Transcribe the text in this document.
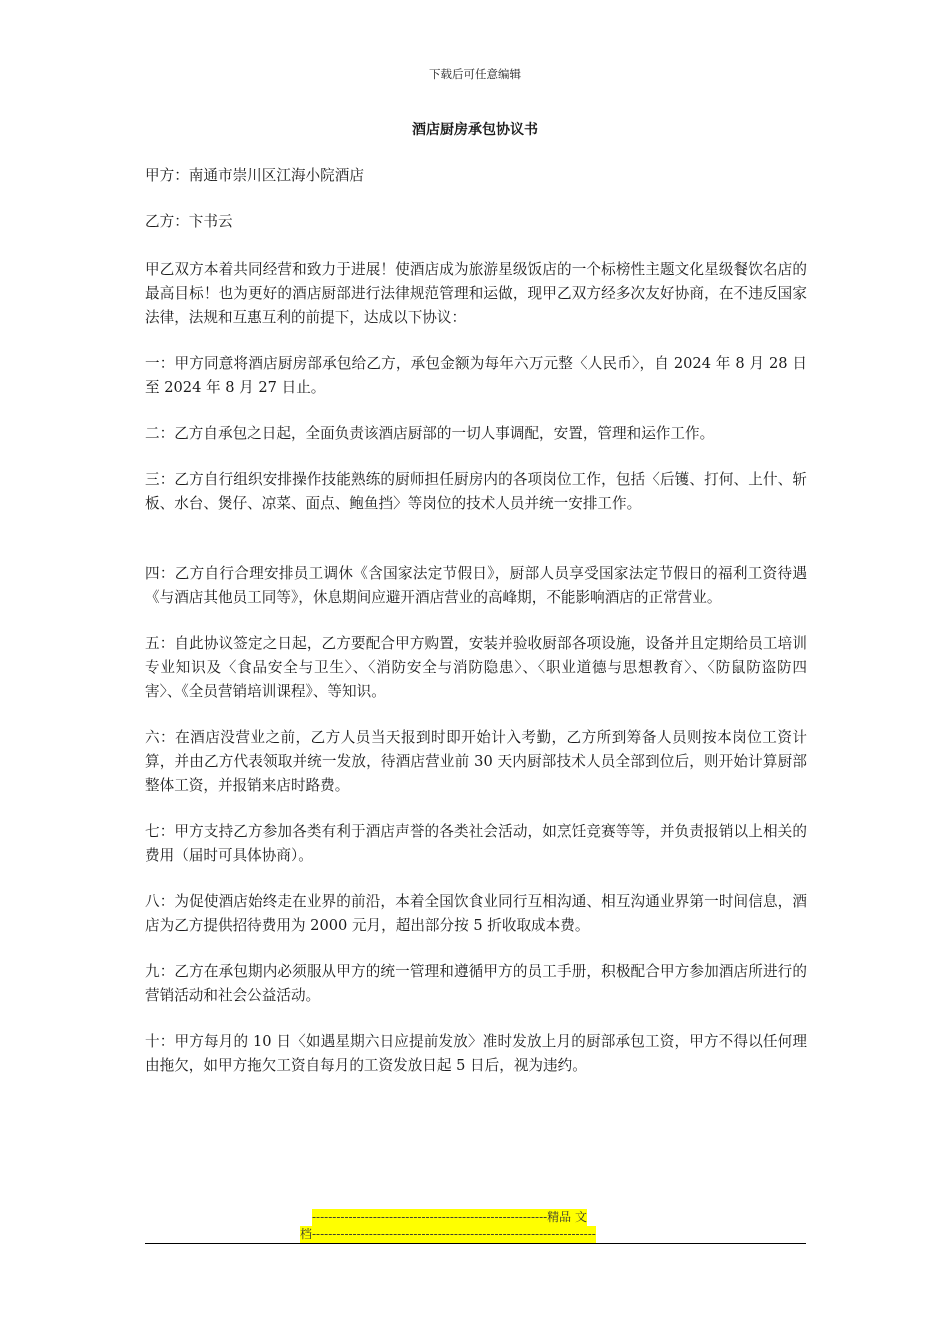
下载后可任意编辑
酒店厨房承包协议书
甲方：南通市崇川区江海小院酒店
乙方：卞书云

甲乙双方本着共同经营和致力于进展！使酒店成为旅游星级饭店的一个标榜性主题文化星级餐饮名店的最高目标！也为更好的酒店厨部进行法律规范管理和运做，现甲乙双方经多次友好协商，在不违反国家法律，法规和互惠互利的前提下，达成以下协议：

一：甲方同意将酒店厨房部承包给乙方，承包金额为每年六万元整〈人民币〉，自 2024 年 8 月 28 日至 2024 年 8 月 27 日止。

二：乙方自承包之日起，全面负责该酒店厨部的一切人事调配，安置，管理和运作工作。

三：乙方自行组织安排操作技能熟练的厨师担任厨房内的各项岗位工作，包括〈后镬、打何、上什、斩板、水台、煲仔、凉菜、面点、鲍鱼挡〉等岗位的技术人员并统一安排工作。

四：乙方自行合理安排员工调休《含国家法定节假日》，厨部人员享受国家法定节假日的福利工资待遇《与酒店其他员工同等》，休息期间应避开酒店营业的高峰期，不能影响酒店的正常营业。

五：自此协议签定之日起，乙方要配合甲方购置，安装并验收厨部各项设施，设备并且定期给员工培训专业知识及〈食品安全与卫生〉、〈消防安全与消防隐患〉、〈职业道德与思想教育〉、〈防鼠防盗防四害〉、《全员营销培训课程》、等知识。

六：在酒店没营业之前，乙方人员当天报到时即开始计入考勤，乙方所到筹备人员则按本岗位工资计算，并由乙方代表领取并统一发放，待酒店营业前 30 天内厨部技术人员全部到位后，则开始计算厨部整体工资，并报销来店时路费。

七：甲方支持乙方参加各类有利于酒店声誉的各类社会活动，如烹饪竞赛等等，并负责报销以上相关的费用（届时可具体协商）。

八：为促使酒店始终走在业界的前沿，本着全国饮食业同行互相沟通、相互沟通业界第一时间信息，酒店为乙方提供招待费用为 2000 元月，超出部分按 5 折收取成本费。

九：乙方在承包期内必须服从甲方的统一管理和遵循甲方的员工手册，积极配合甲方参加酒店所进行的营销活动和社会公益活动。

十：甲方每月的 10 日〈如遇星期六日应提前发放〉准时发放上月的厨部承包工资，甲方不得以任何理由拖欠，如甲方拖欠工资自每月的工资发放日起 5 日后，视为违约。

----------------------------------------------------------精品 文
档----------------------------------------------------------------------
